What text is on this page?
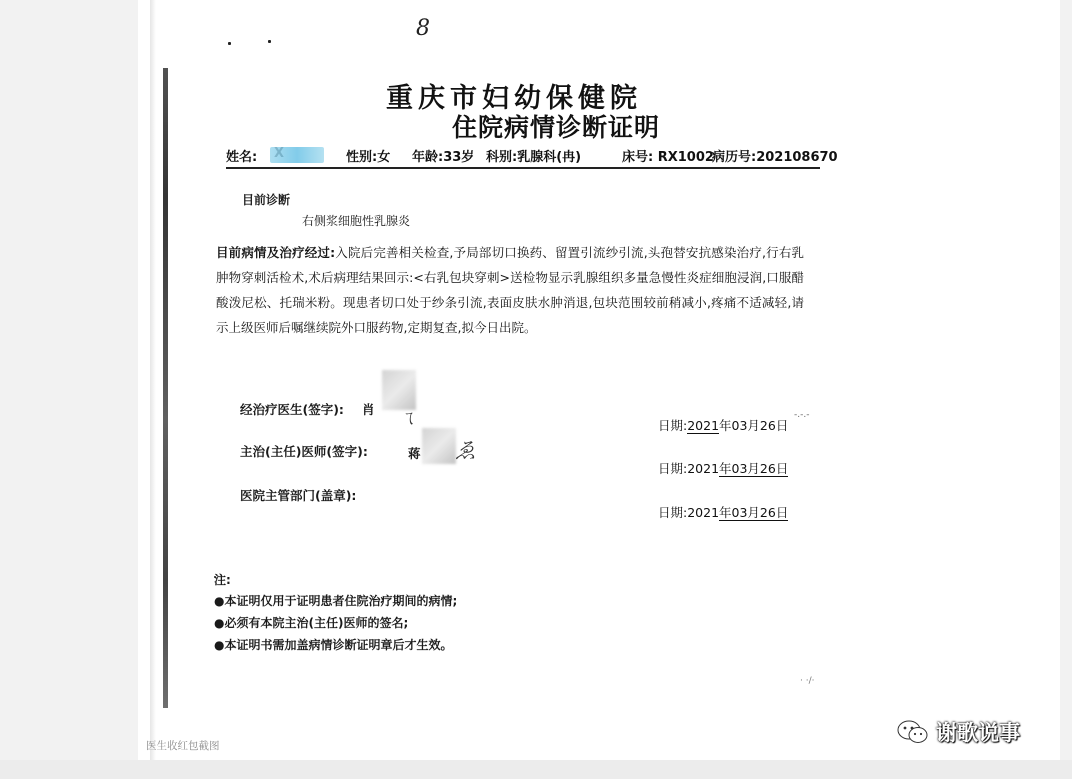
8
重庆市妇幼保健院
住院病情诊断证明
姓名:	性别:女 年龄:33岁 科别:乳腺科(冉)	床号: RX1002
病历号:202108670
目前诊断
右侧浆细胞性乳腺炎
目前病情及治疗经过:入院后完善相关检查,予局部切口换药、留置引流纱引流,头孢替安抗感染治疗,行右乳肿物穿刺活检术,术后病理结果回示:<右乳包块穿刺>送检物显示乳腺组织多量急慢性炎症细胞浸润,口服醋酸泼尼松、托瑞米粉。现患者切口处于纱条引流,表面皮肤水肿消退,包块范围较前稍减小,疼痛不适减轻,请示上级医师后嘱继续院外口服药物,定期复查,拟今日出院。
经治疗医生(签字): 肖 ㄟ	日期:2021年03月26日
-.-.-
主治(主任)医师(签字):	蒋 ゑ
日期:2021年03月26日
医院主管部门(盖章):
日期:2021年03月26日
注:
●本证明仅用于证明患者住院治疗期间的病情;
●必须有本院主治(主任)医师的签名;
●本证明书需加盖病情诊断证明章后才生效。
· ·/·
医生收红包截图
谢歌说事
